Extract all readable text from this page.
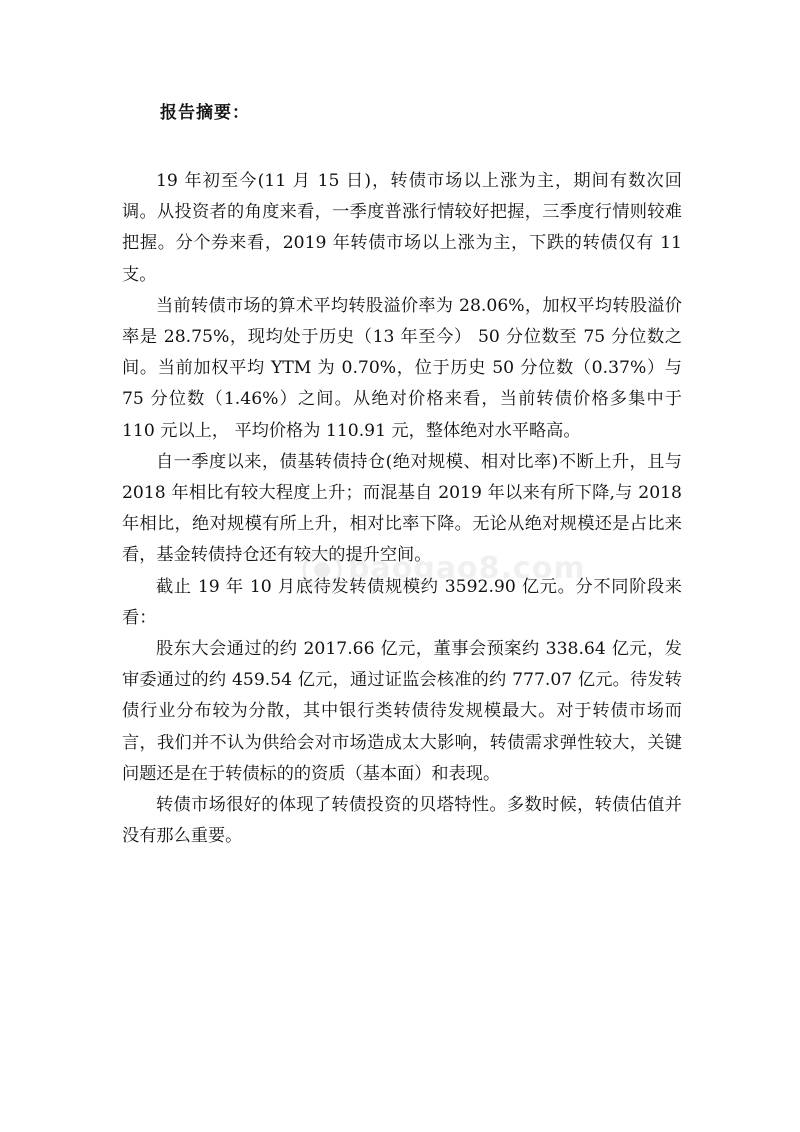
报告摘要：

19 年初至今(11 月 15 日)，转债市场以上涨为主，期间有数次回调。从投资者的角度来看，一季度普涨行情较好把握，三季度行情则较难把握。分个券来看，2019 年转债市场以上涨为主，下跌的转债仅有 11 支。

当前转债市场的算术平均转股溢价率为 28.06%，加权平均转股溢价率是 28.75%，现均处于历史（13 年至今） 50 分位数至 75 分位数之间。当前加权平均 YTM 为 0.70%，位于历史 50 分位数（0.37%）与 75 分位数（1.46%）之间。从绝对价格来看，当前转债价格多集中于 110 元以上， 平均价格为 110.91 元，整体绝对水平略高。

自一季度以来，债基转债持仓(绝对规模、相对比率)不断上升，且与2018 年相比有较大程度上升；而混基自 2019 年以来有所下降,与 2018 年相比，绝对规模有所上升，相对比率下降。无论从绝对规模还是占比来看，基金转债持仓还有较大的提升空间。

截止 19 年 10 月底待发转债规模约 3592.90 亿元。分不同阶段来看：

股东大会通过的约 2017.66 亿元，董事会预案约 338.64 亿元，发审委通过的约 459.54 亿元，通过证监会核准的约 777.07 亿元。待发转债行业分布较为分散，其中银行类转债待发规模最大。对于转债市场而言，我们并不认为供给会对市场造成太大影响，转债需求弹性较大，关键问题还是在于转债标的的资质（基本面）和表现。

转债市场很好的体现了转债投资的贝塔特性。多数时候，转债估值并没有那么重要。

baogao8.com
